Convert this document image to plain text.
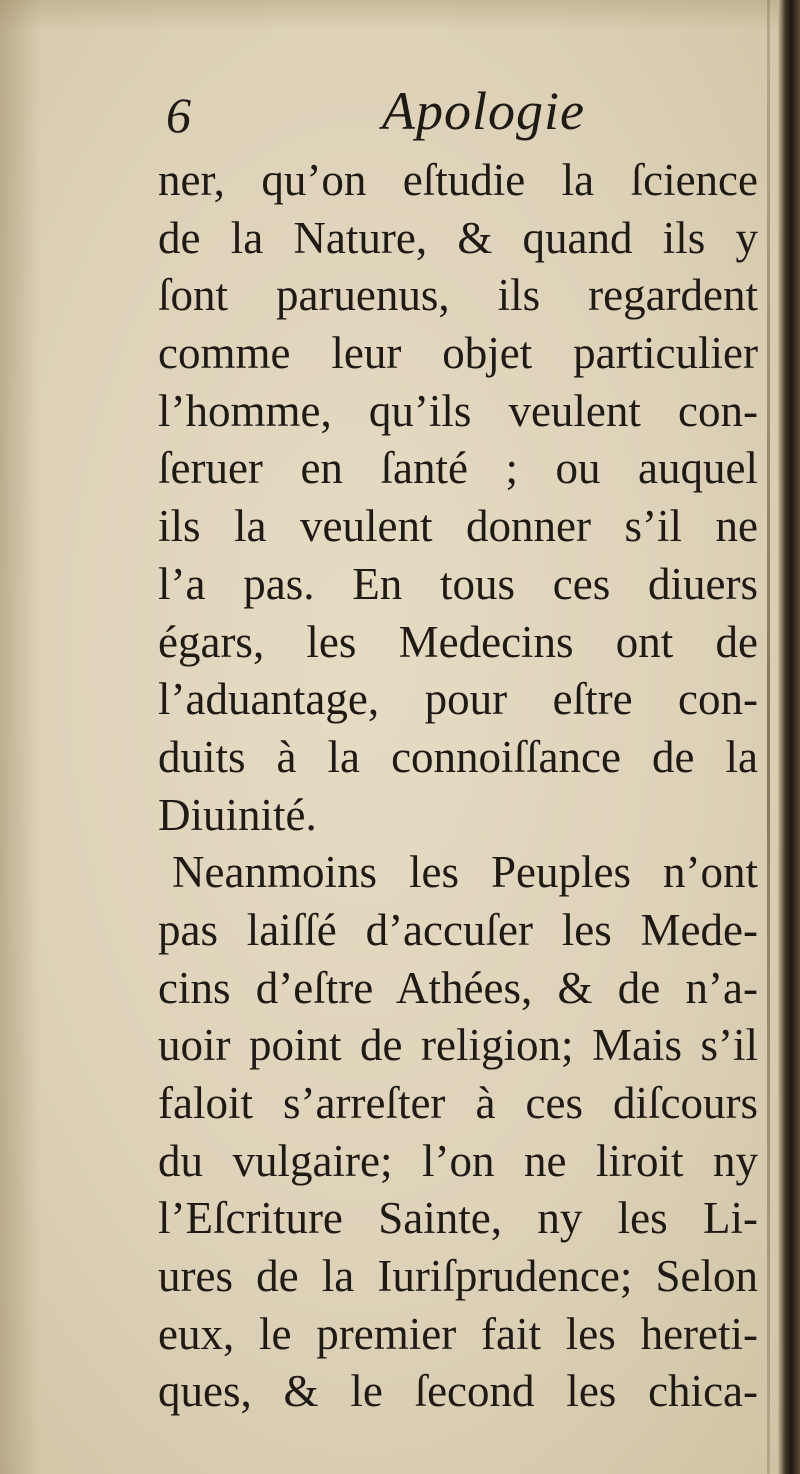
6	Apologie
ner, qu’on eſtudie la ſcience
de la Nature, & quand ils y
ſont paruenus, ils regardent
comme leur objet particulier
l’homme, qu’ils veulent con-
ſeruer en ſanté ; ou auquel
ils la veulent donner s’il ne
l’a pas. En tous ces diuers
égars, les Medecins ont de
l’aduantage, pour eſtre con-
duits à la connoiſſance de la
Diuinité.
Neanmoins les Peuples n’ont
pas laiſſé d’accuſer les Mede-
cins d’eſtre Athées, & de n’a-
uoir point de religion; Mais s’il
faloit s’arreſter à ces diſcours
du vulgaire; l’on ne liroit ny
l’Eſcriture Sainte, ny les Li-
ures de la Iuriſprudence; Selon
eux, le premier fait les hereti-
ques, & le ſecond les chica-
